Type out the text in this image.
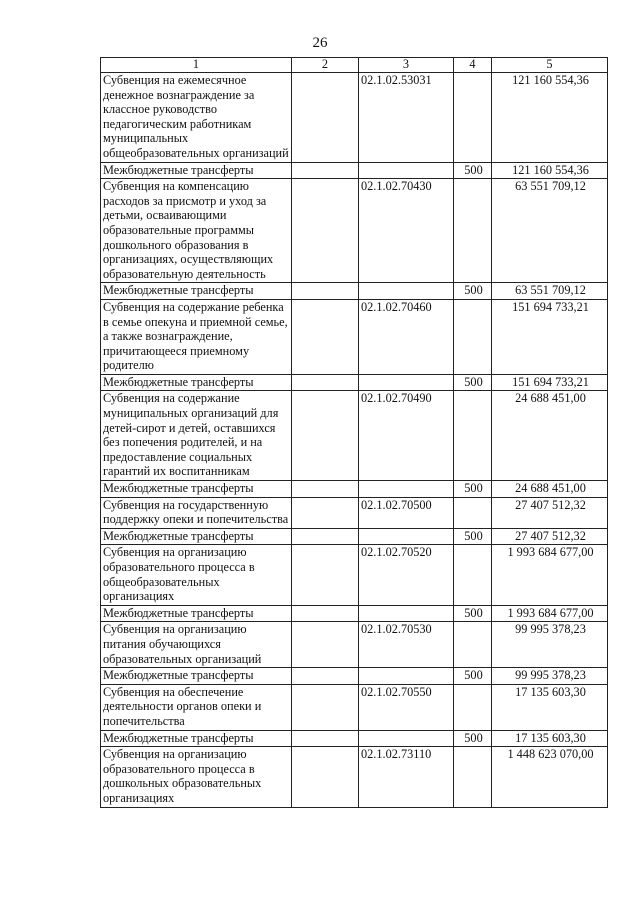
26
1	2	3	4	5
Субвенция на ежемесячное денежное вознаграждение за классное руководство педагогическим работникам муниципальных общеобразовательных организаций		02.1.02.53031		121 160 554,36
Межбюджетные трансферты			500	121 160 554,36
Субвенция на компенсацию расходов за присмотр и уход за детьми, осваивающими образовательные программы дошкольного образования в организациях, осуществляющих образовательную деятельность		02.1.02.70430		63 551 709,12
Межбюджетные трансферты			500	63 551 709,12
Субвенция на содержание ребенка в семье опекуна и приемной семье, а также вознаграждение, причитающееся приемному родителю		02.1.02.70460		151 694 733,21
Межбюджетные трансферты			500	151 694 733,21
Субвенция на содержание муниципальных организаций для детей-сирот и детей, оставшихся без попечения родителей, и на предоставление социальных гарантий их воспитанникам		02.1.02.70490		24 688 451,00
Межбюджетные трансферты			500	24 688 451,00
Субвенция на государственную поддержку опеки и попечительства		02.1.02.70500		27 407 512,32
Межбюджетные трансферты			500	27 407 512,32
Субвенция на организацию образовательного процесса в общеобразовательных организациях		02.1.02.70520		1 993 684 677,00
Межбюджетные трансферты			500	1 993 684 677,00
Субвенция на организацию питания обучающихся образовательных организаций		02.1.02.70530		99 995 378,23
Межбюджетные трансферты			500	99 995 378,23
Субвенция на обеспечение деятельности органов опеки и попечительства		02.1.02.70550		17 135 603,30
Межбюджетные трансферты			500	17 135 603,30
Субвенция на организацию образовательного процесса в дошкольных образовательных организациях		02.1.02.73110		1 448 623 070,00
